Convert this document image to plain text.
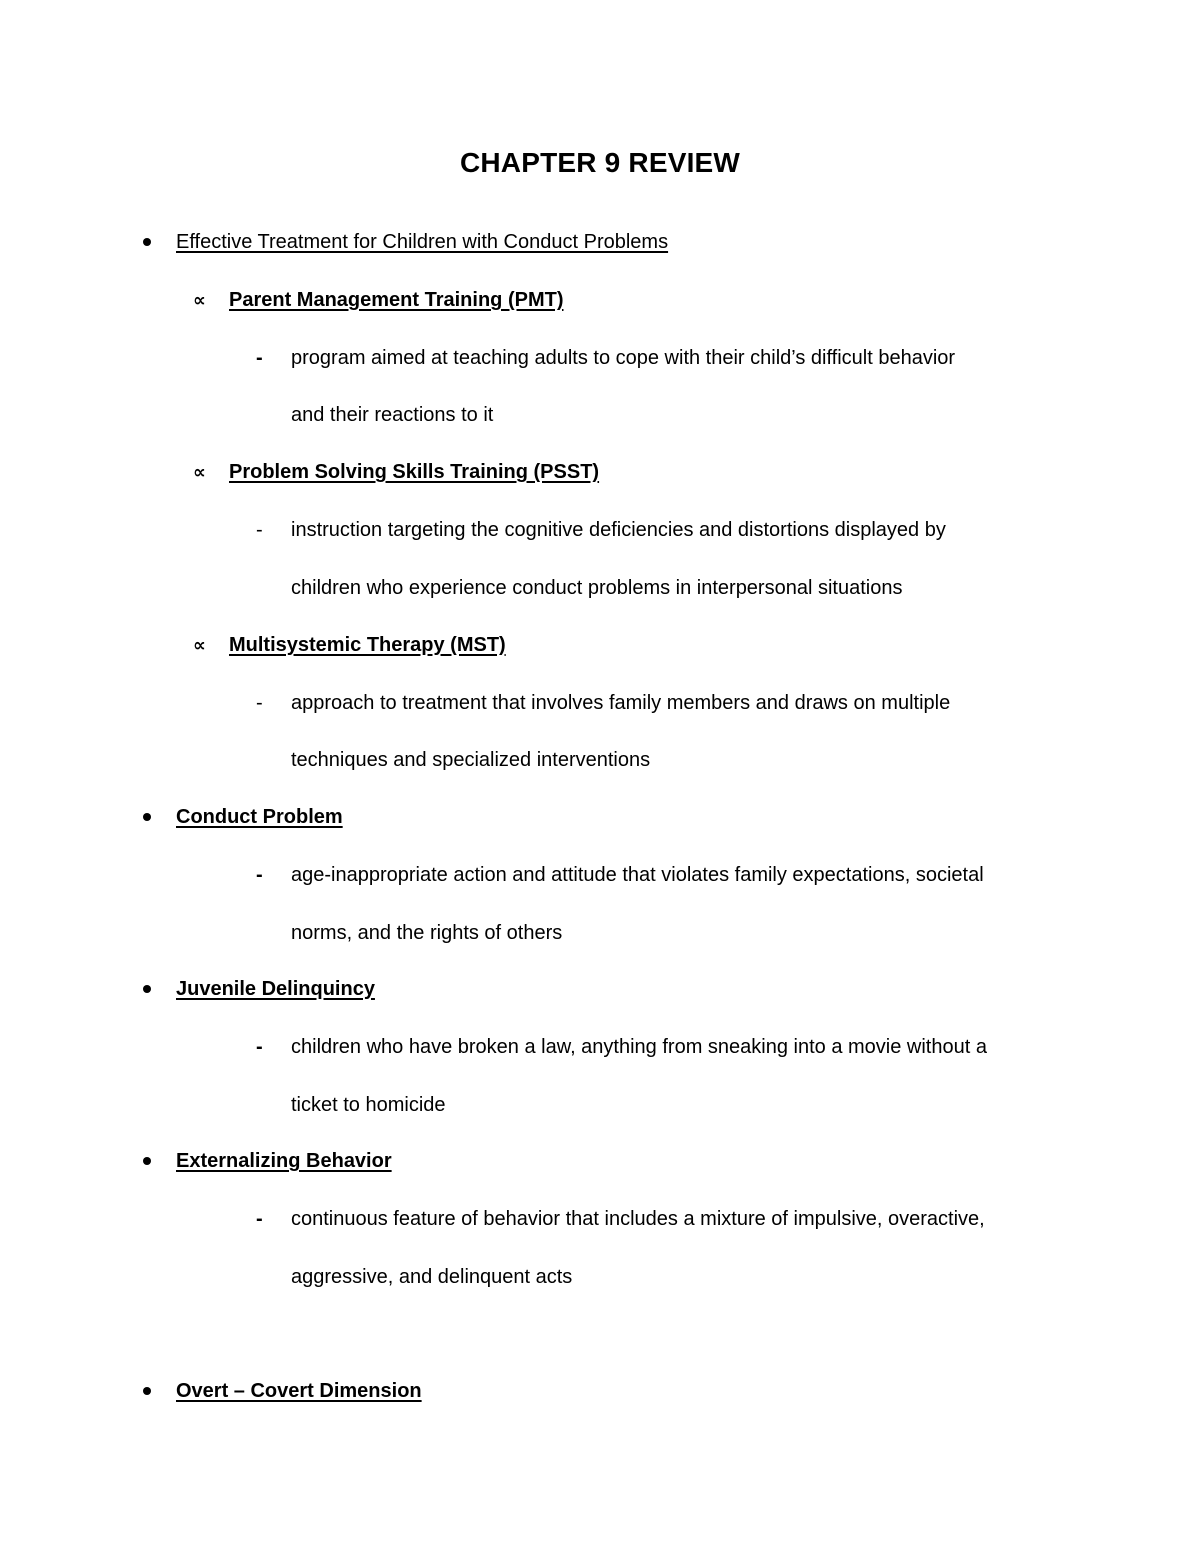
CHAPTER 9 REVIEW
Effective Treatment for Children with Conduct Problems
∝ Parent Management Training (PMT)
- program aimed at teaching adults to cope with their child’s difficult behavior
and their reactions to it
∝ Problem Solving Skills Training (PSST)
- instruction targeting the cognitive deficiencies and distortions displayed by
children who experience conduct problems in interpersonal situations
∝ Multisystemic Therapy (MST)
- approach to treatment that involves family members and draws on multiple
techniques and specialized interventions
Conduct Problem
- age-inappropriate action and attitude that violates family expectations, societal
norms, and the rights of others
Juvenile Delinquincy
- children who have broken a law, anything from sneaking into a movie without a
ticket to homicide
Externalizing Behavior
- continuous feature of behavior that includes a mixture of impulsive, overactive,
aggressive, and delinquent acts
Overt – Covert Dimension
